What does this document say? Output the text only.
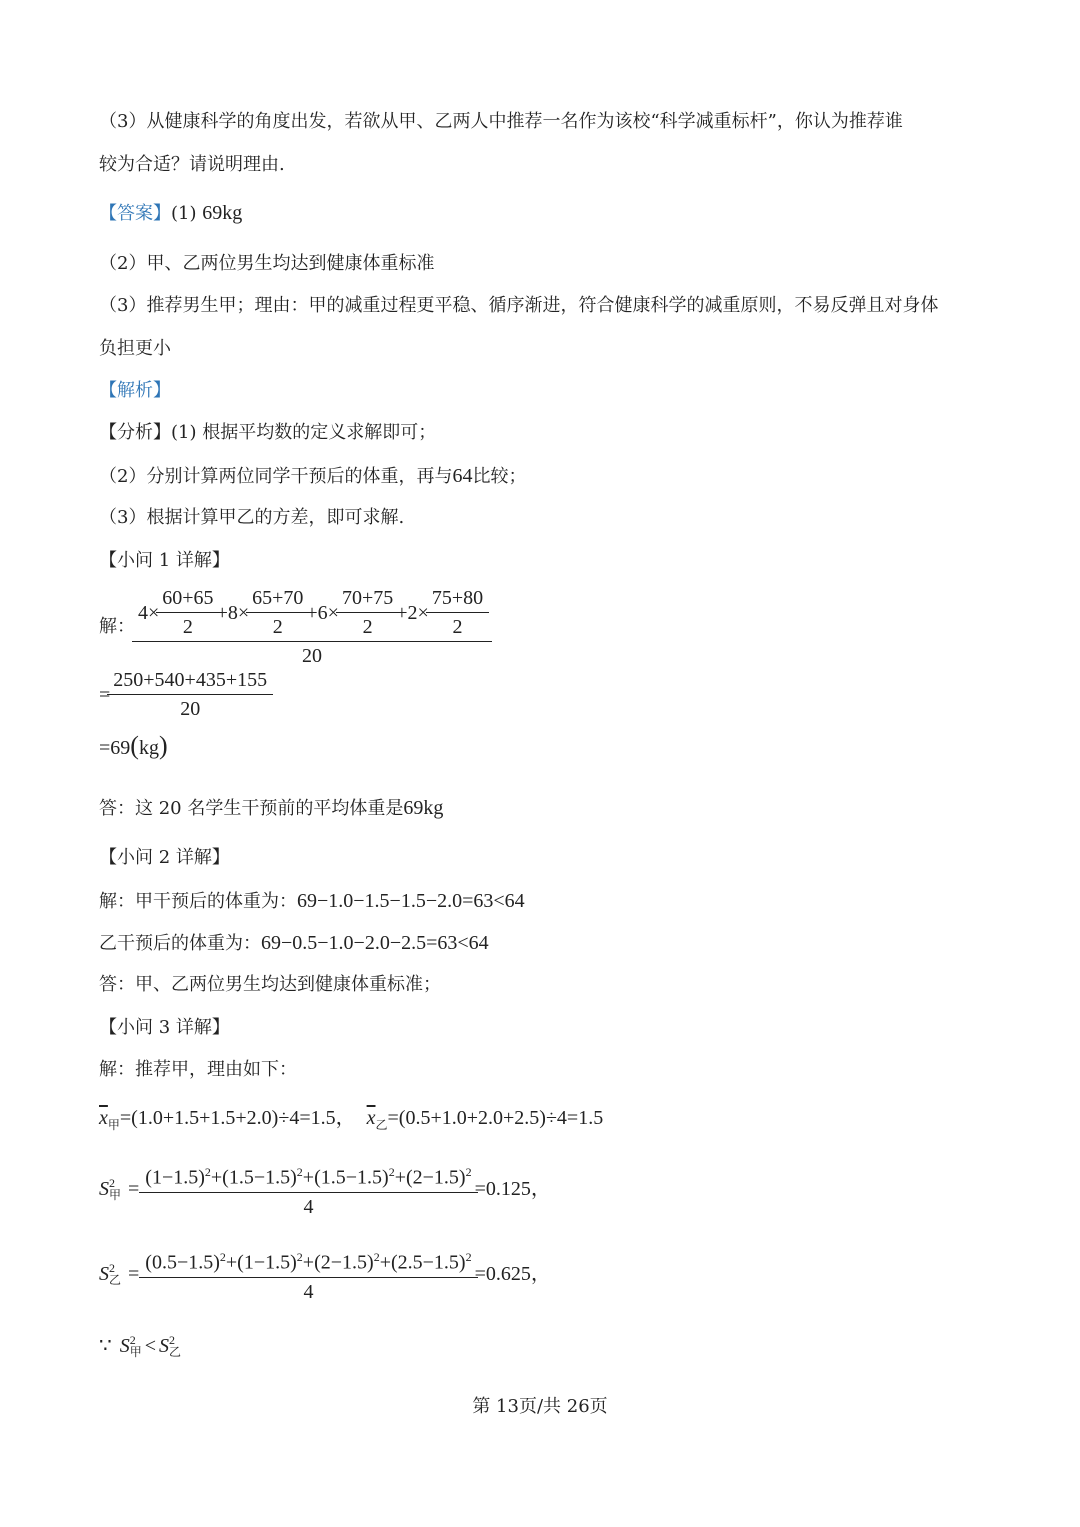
（3）从健康科学的角度出发，若欲从甲、乙两人中推荐一名作为该校“科学减重标杆”，你认为推荐谁
较为合适？请说明理由.
【答案】(1) 69kg
（2）甲、乙两位男生均达到健康体重标准
（3）推荐男生甲；理由：甲的减重过程更平稳、循序渐进，符合健康科学的减重原则，不易反弹且对身体
负担更小
【解析】
【分析】(1) 根据平均数的定义求解即可；
（2）分别计算两位同学干预后的体重，再与64比较；
（3）根据计算甲乙的方差，即可求解.
【小问 1 详解】
解：
$4\times \frac{60+65}{2} +8\times \frac{65+70}{2} +6\times \frac{70+75}{2} +2\times \frac{75+80}{2}$
20
= $\frac{250+540+435+155}{20}$
=69(kg)
答：这 20 名学生干预前的平均体重是69kg
【小问 2 详解】
解：甲干预后的体重为：69−1.0−1.5−1.5−2.0=63<64
乙干预后的体重为：69−0.5−1.0−2.0−2.5=63<64
答：甲、乙两位男生均达到健康体重标准；
【小问 3 详解】
解：推荐甲，理由如下：
$\overline{x}_甲=(1.0+1.5+1.5+2.0)\div 4=1.5$， $\overline{x}_乙=(0.5+1.0+2.0+2.5)\div 4=1.5$
S 2
甲 = $\frac{(1-1.5)^2+(1.5-1.5)^2+(1.5-1.5)^2+(2-1.5)^2}{4} =0.125$，
S 2
乙 = $\frac{(0.5-1.5)^2+(1-1.5)^2+(2-1.5)^2+(2.5-1.5)^2}{4} =0.625$，
∵ S 2
甲 < S 2
乙
第 13页/共 26页
